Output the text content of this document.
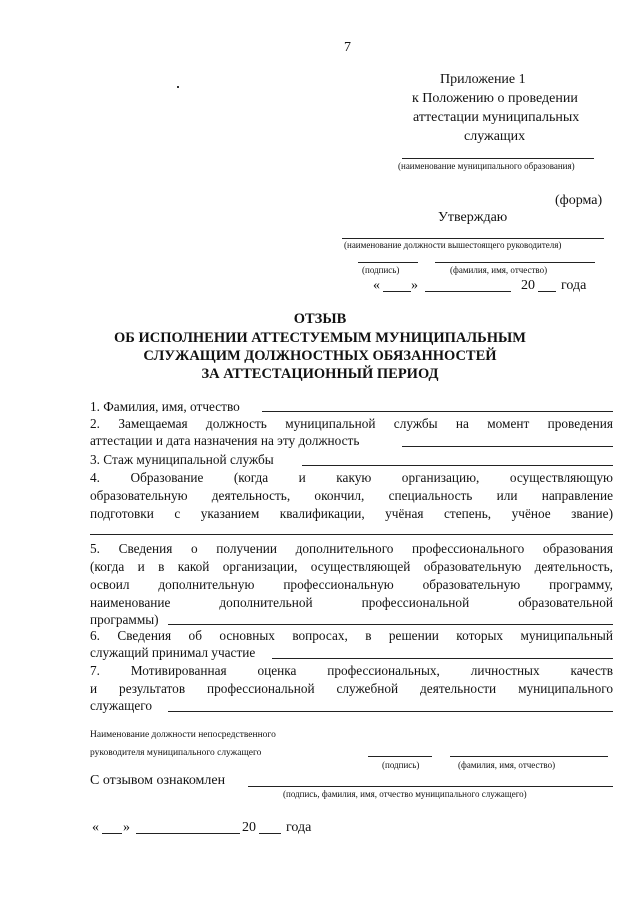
7
Приложение 1
к Положению о проведении
аттестации муниципальных
служащих
(наименование муниципального образования)
(форма)
Утверждаю
(наименование должности вышестоящего руководителя)
(подпись)	(фамилия, имя, отчество)
« »	20 года
ОТЗЫВ
ОБ ИСПОЛНЕНИИ АТТЕСТУЕМЫМ МУНИЦИПАЛЬНЫМ
СЛУЖАЩИМ ДОЛЖНОСТНЫХ ОБЯЗАННОСТЕЙ
ЗА АТТЕСТАЦИОННЫЙ ПЕРИОД
1. Фамилия, имя, отчество
2. Замещаемая должность муниципальной службы на момент проведения
аттестации и дата назначения на эту должность
3. Стаж муниципальной службы
4. Образование (когда и какую организацию, осуществляющую
образовательную деятельность, окончил, специальность или направление
подготовки с указанием квалификации, учёная степень, учёное звание)
5. Сведения о получении дополнительного профессионального образования
(когда и в какой организации, осуществляющей образовательную деятельность,
освоил дополнительную профессиональную образовательную программу,
наименование дополнительной профессиональной образовательной
программы)
6. Сведения об основных вопросах, в решении которых муниципальный
служащий принимал участие
7. Мотивированная оценка профессиональных, личностных качеств
и результатов профессиональной служебной деятельности муниципального
служащего
Наименование должности непосредственного
руководителя муниципального служащего
(подпись)	(фамилия, имя, отчество)
С отзывом ознакомлен
(подпись, фамилия, имя, отчество муниципального служащего)
« »	20 года
